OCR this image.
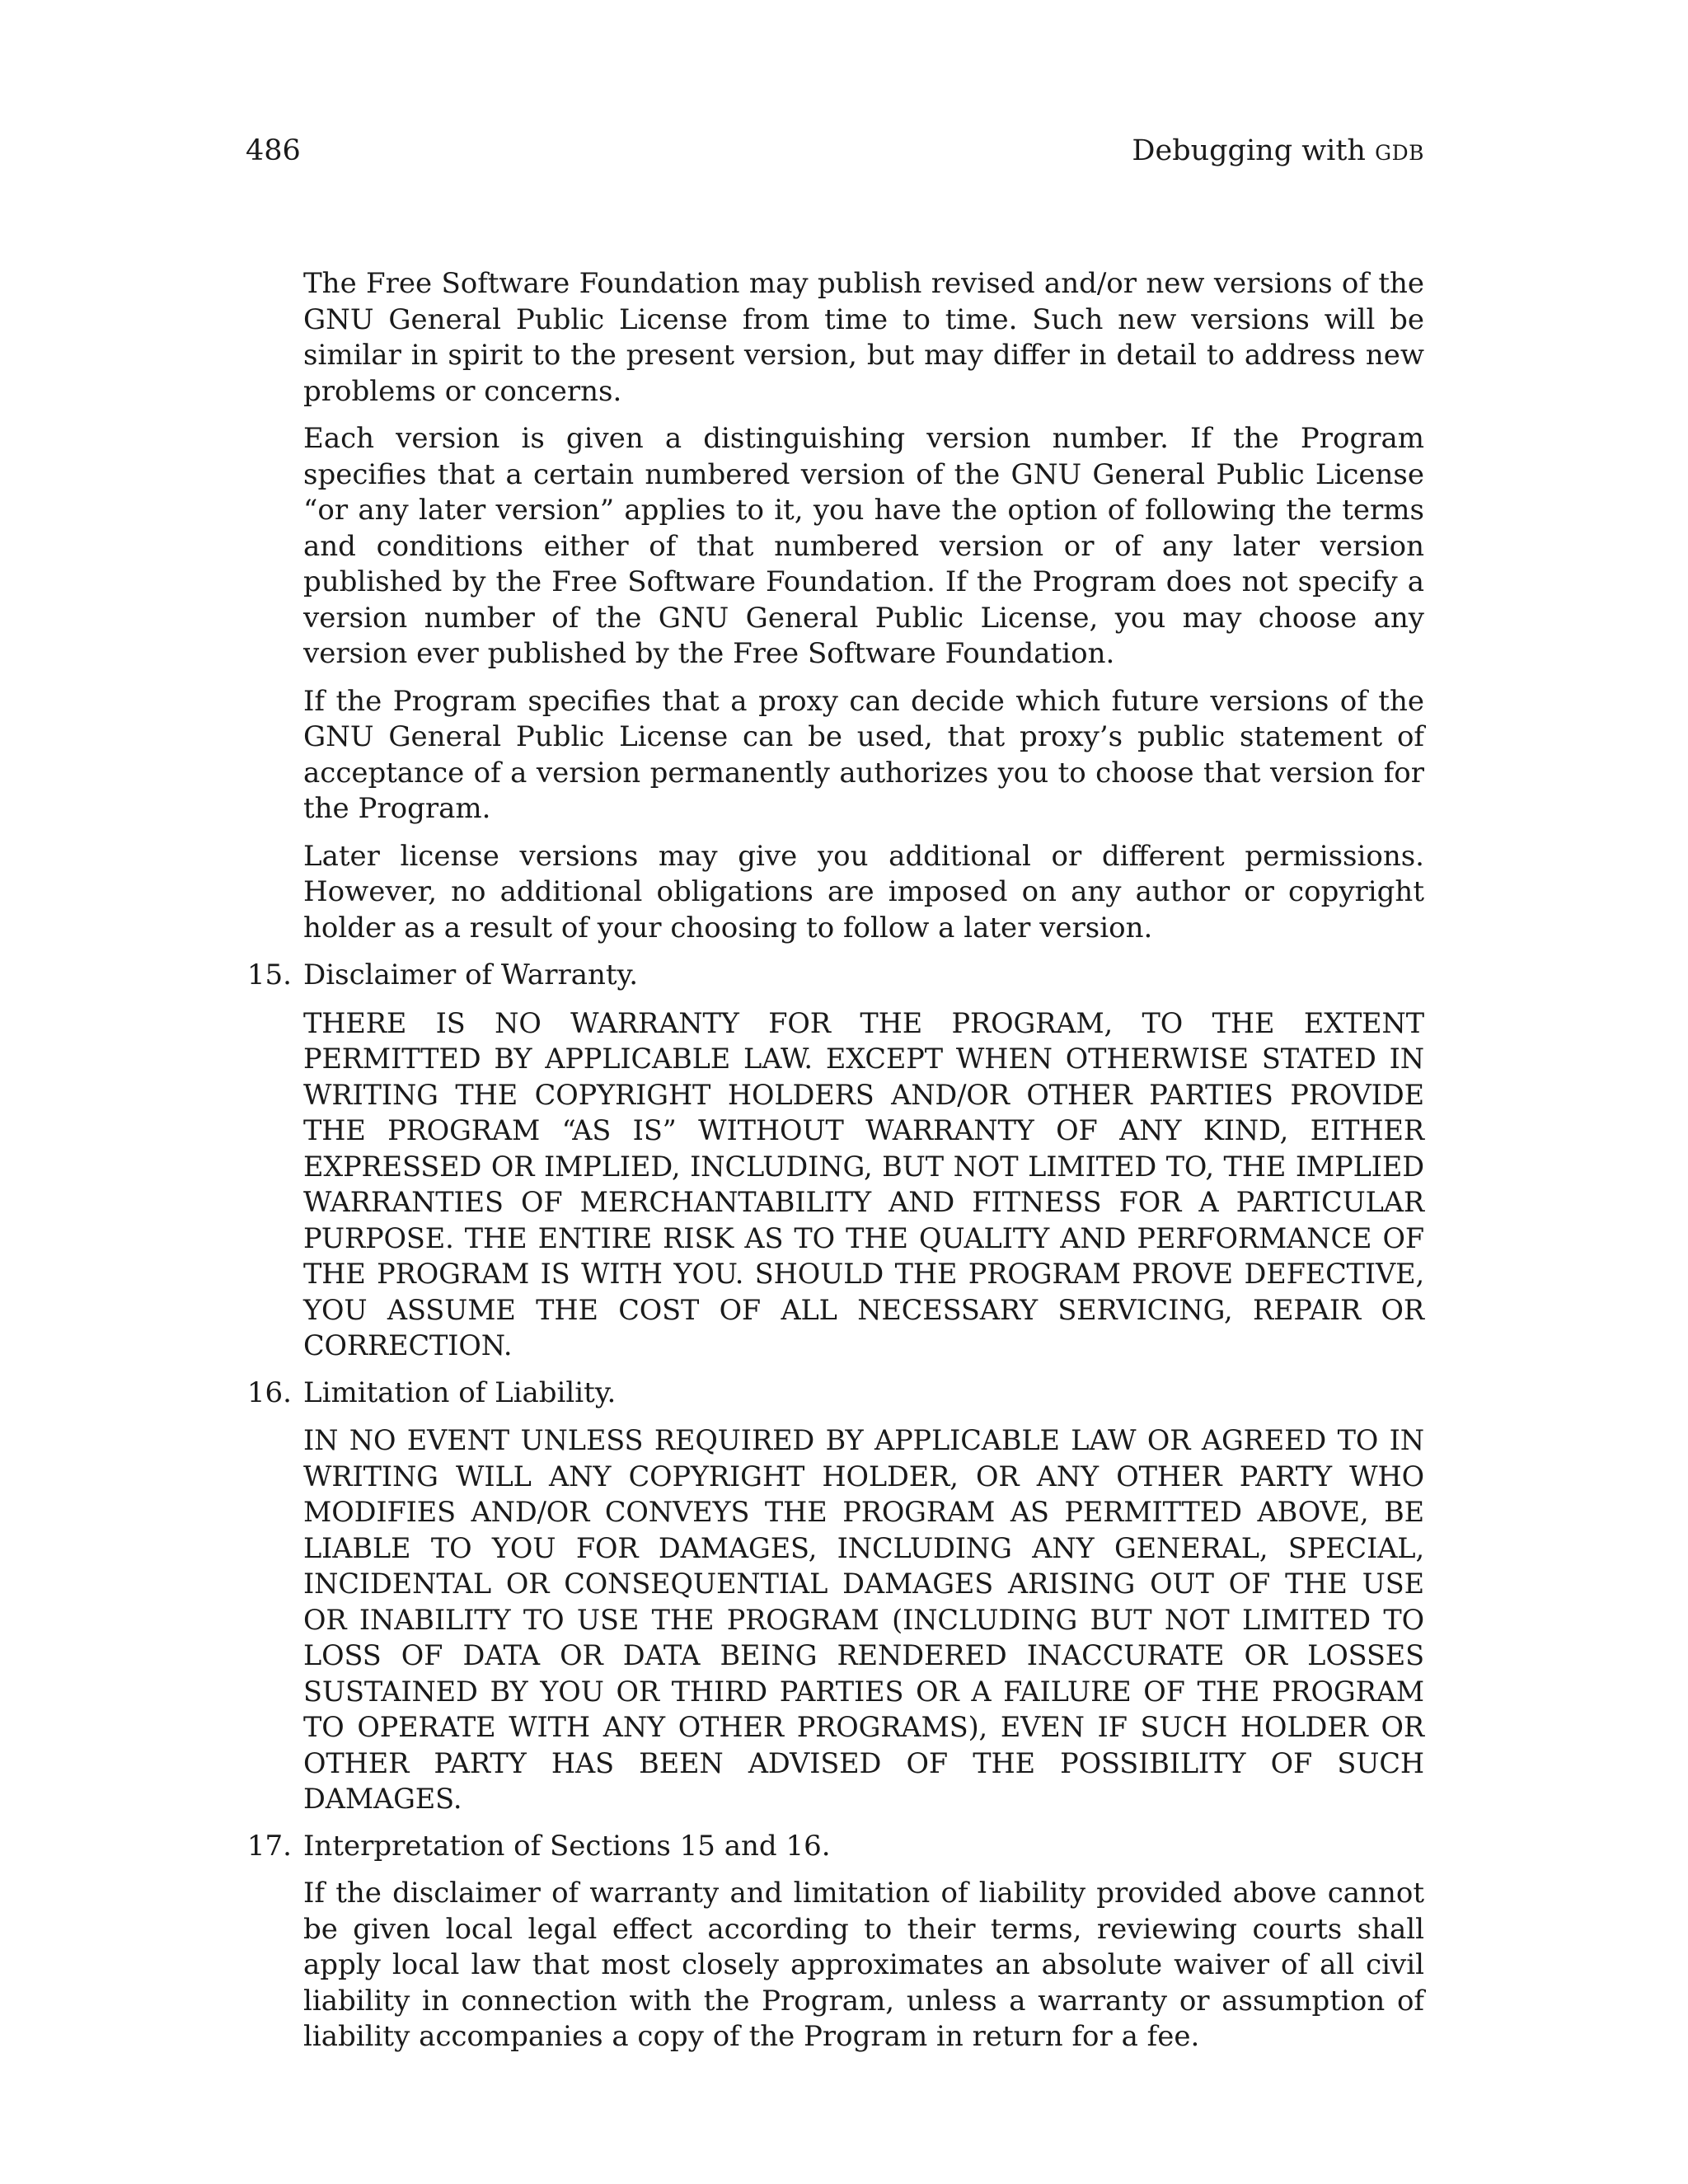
486	Debugging with gdb

The Free Software Foundation may publish revised and/or new versions of the GNU General Public License from time to time. Such new versions will be similar in spirit to the present version, but may differ in detail to address new problems or concerns.

Each version is given a distinguishing version number. If the Program specifies that a certain numbered version of the GNU General Public License “or any later version” applies to it, you have the option of following the terms and conditions either of that numbered version or of any later version published by the Free Software Foundation. If the Program does not specify a version number of the GNU General Public License, you may choose any version ever published by the Free Software Foundation.

If the Program specifies that a proxy can decide which future versions of the GNU General Public License can be used, that proxy’s public statement of acceptance of a version permanently authorizes you to choose that version for the Program.

Later license versions may give you additional or different permissions. However, no additional obligations are imposed on any author or copyright holder as a result of your choosing to follow a later version.

15. Disclaimer of Warranty.

THERE IS NO WARRANTY FOR THE PROGRAM, TO THE EXTENT PERMITTED BY APPLICABLE LAW. EXCEPT WHEN OTHERWISE STATED IN WRITING THE COPYRIGHT HOLDERS AND/OR OTHER PARTIES PROVIDE THE PROGRAM “AS IS” WITHOUT WARRANTY OF ANY KIND, EITHER EXPRESSED OR IMPLIED, INCLUDING, BUT NOT LIMITED TO, THE IMPLIED WARRANTIES OF MERCHANTABILITY AND FITNESS FOR A PARTICULAR PURPOSE. THE ENTIRE RISK AS TO THE QUALITY AND PERFORMANCE OF THE PROGRAM IS WITH YOU. SHOULD THE PROGRAM PROVE DEFECTIVE, YOU ASSUME THE COST OF ALL NECESSARY SERVICING, REPAIR OR CORRECTION.

16. Limitation of Liability.

IN NO EVENT UNLESS REQUIRED BY APPLICABLE LAW OR AGREED TO IN WRITING WILL ANY COPYRIGHT HOLDER, OR ANY OTHER PARTY WHO MODIFIES AND/OR CONVEYS THE PROGRAM AS PERMITTED ABOVE, BE LIABLE TO YOU FOR DAMAGES, INCLUDING ANY GENERAL, SPECIAL, INCIDENTAL OR CONSEQUENTIAL DAMAGES ARISING OUT OF THE USE OR INABILITY TO USE THE PROGRAM (INCLUDING BUT NOT LIMITED TO LOSS OF DATA OR DATA BEING RENDERED INACCURATE OR LOSSES SUSTAINED BY YOU OR THIRD PARTIES OR A FAILURE OF THE PROGRAM TO OPERATE WITH ANY OTHER PROGRAMS), EVEN IF SUCH HOLDER OR OTHER PARTY HAS BEEN ADVISED OF THE POSSIBILITY OF SUCH DAMAGES.

17. Interpretation of Sections 15 and 16.

If the disclaimer of warranty and limitation of liability provided above cannot be given local legal effect according to their terms, reviewing courts shall apply local law that most closely approximates an absolute waiver of all civil liability in connection with the Program, unless a warranty or assumption of liability accompanies a copy of the Program in return for a fee.
